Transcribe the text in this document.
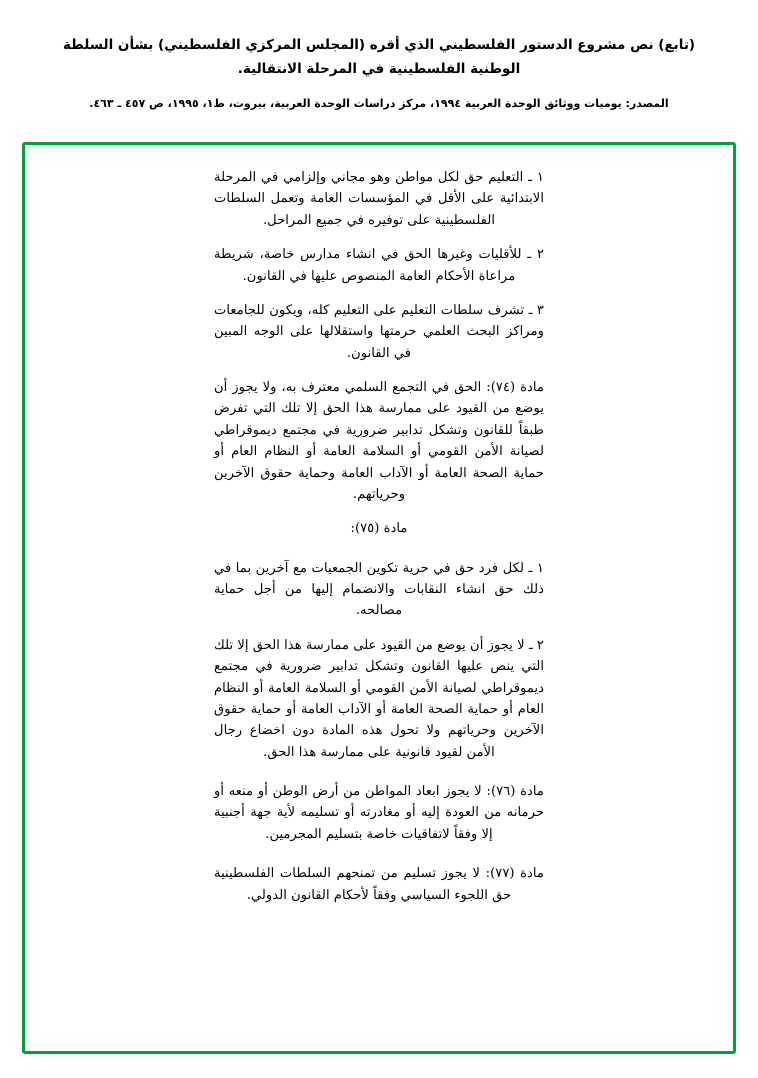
(تابع) نص مشروع الدستور الفلسطيني الذي أقره (المجلس المركزي الفلسطيني) بشأن السلطة الوطنية الفلسطينية في المرحلة الانتقالية.
المصدر: يوميات ووثائق الوحدة العربية ١٩٩٤، مركز دراسات الوحدة العربية، بيروت، ط١، ١٩٩٥، ص ٤٥٧ ـ ٤٦٣.

١ ـ التعليم حق لكل مواطن وهو مجاني وإلزامي في المرحلة الابتدائية على الأقل في المؤسسات العامة وتعمل السلطات الفلسطينية على توفيره في جميع المراحل.

٢ ـ للأقليات وغيرها الحق في انشاء مدارس خاصة، شريطة مراعاة الأحكام العامة المنصوص عليها في القانون.

٣ ـ تشرف سلطات التعليم على التعليم كله، ويكون للجامعات ومراكز البحث العلمي حرمتها واستقلالها على الوجه المبين في القانون.

مادة (٧٤): الحق في التجمع السلمي معترف به، ولا يجوز أن يوضع من القيود على ممارسة هذا الحق إلا تلك التي تفرض طبقاً للقانون وتشكل تدابير ضرورية في مجتمع ديموقراطي لصيانة الأمن القومي أو السلامة العامة أو النظام العام أو حماية الصحة العامة أو الآداب العامة وحماية حقوق الآخرين وحرياتهم.

مادة (٧٥):

١ ـ لكل فرد حق في حرية تكوين الجمعيات مع آخرين بما في ذلك حق انشاء النقابات والانضمام إليها من أجل حماية مصالحه.

٢ ـ لا يجوز أن يوضع من القيود على ممارسة هذا الحق إلا تلك التي ينص عليها القانون وتشكل تدابير ضرورية في مجتمع ديموقراطي لصيانة الأمن القومي أو السلامة العامة أو النظام العام أو حماية الصحة العامة أو الآداب العامة أو حماية حقوق الآخرين وحرياتهم ولا تحول هذه المادة دون اخضاع رجال الأمن لقيود قانونية على ممارسة هذا الحق.

مادة (٧٦): لا يجوز ابعاد المواطن من أرض الوطن أو منعه أو حرمانه من العودة إليه أو مغادرته أو تسليمه لأية جهة أجنبية إلا وفقاً لاتفاقيات خاصة بتسليم المجرمين.

مادة (٧٧): لا يجوز تسليم من تمنحهم السلطات الفلسطينية حق اللجوء السياسي وفقاً لأحكام القانون الدولي.
